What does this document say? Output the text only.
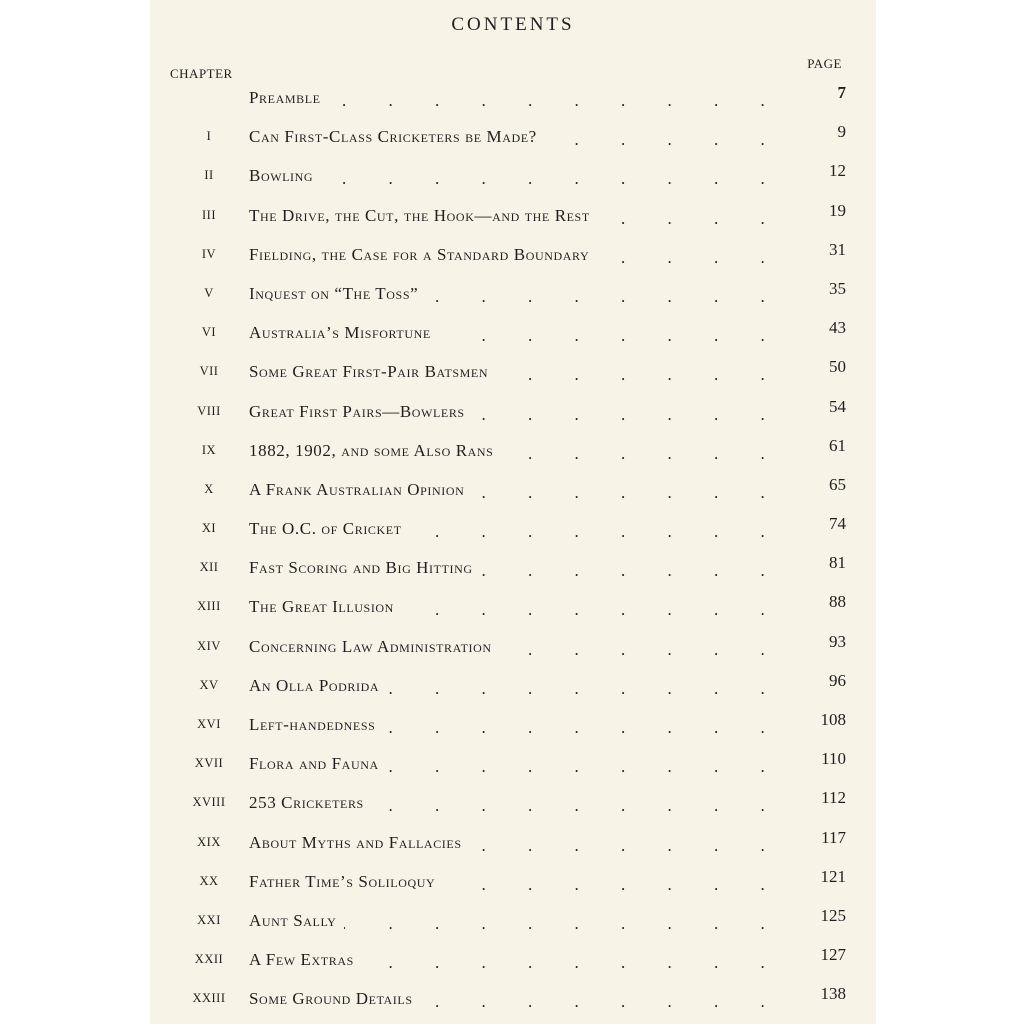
CONTENTS
CHAPTER
PAGE
. . .
Preamble	7
I . . .	Can First-Class Cricketers be Made?	9
II . . .	Bowling	12
III . . .	The Drive, the Cut, the Hook—and the Rest	19
IV . . .	Fielding, the Case for a Standard Boundary	31
V . . .	Inquest on “The Toss”	35
VI . . .	Australia’s Misfortune	43
VII . . .	Some Great First-Pair Batsmen	50
VIII . . .	Great First Pairs—Bowlers	54
IX . . .	1882, 1902, and some Also Rans	61
X . . .	A Frank Australian Opinion	65
XI . . .	The O.C. of Cricket	74
XII . . .	Fast Scoring and Big Hitting	81
XIII . . .	The Great Illusion	88
XIV . . .	Concerning Law Administration	93
XV . . .	An Olla Podrida	96
XVI . . .	Left-handedness	108
XVII . . .	Flora and Fauna	110
XVIII . . .	253 Cricketers	112
XIX . . .	About Myths and Fallacies	117
XX . . .	Father Time’s Soliloquy	121
XXI . . .	Aunt Sally	125
XXII . . .	A Few Extras	127
XXIII . . .	Some Ground Details	138
